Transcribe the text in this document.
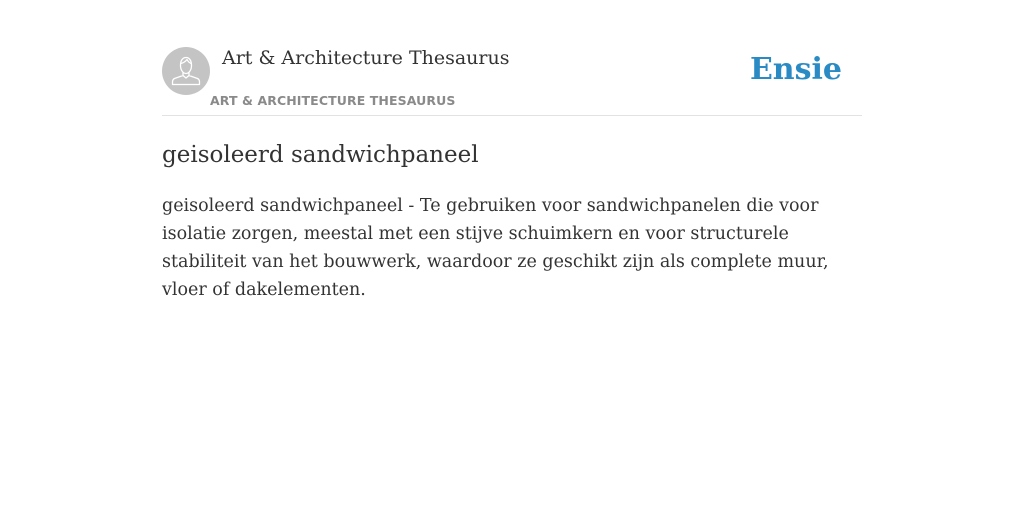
Art & Architecture Thesaurus
ART & ARCHITECTURE THESAURUS
Ensie
geisoleerd sandwichpaneel

geisoleerd sandwichpaneel - Te gebruiken voor sandwichpanelen die voor isolatie zorgen, meestal met een stijve schuimkern en voor structurele stabiliteit van het bouwwerk, waardoor ze geschikt zijn als complete muur, vloer of dakelementen.
